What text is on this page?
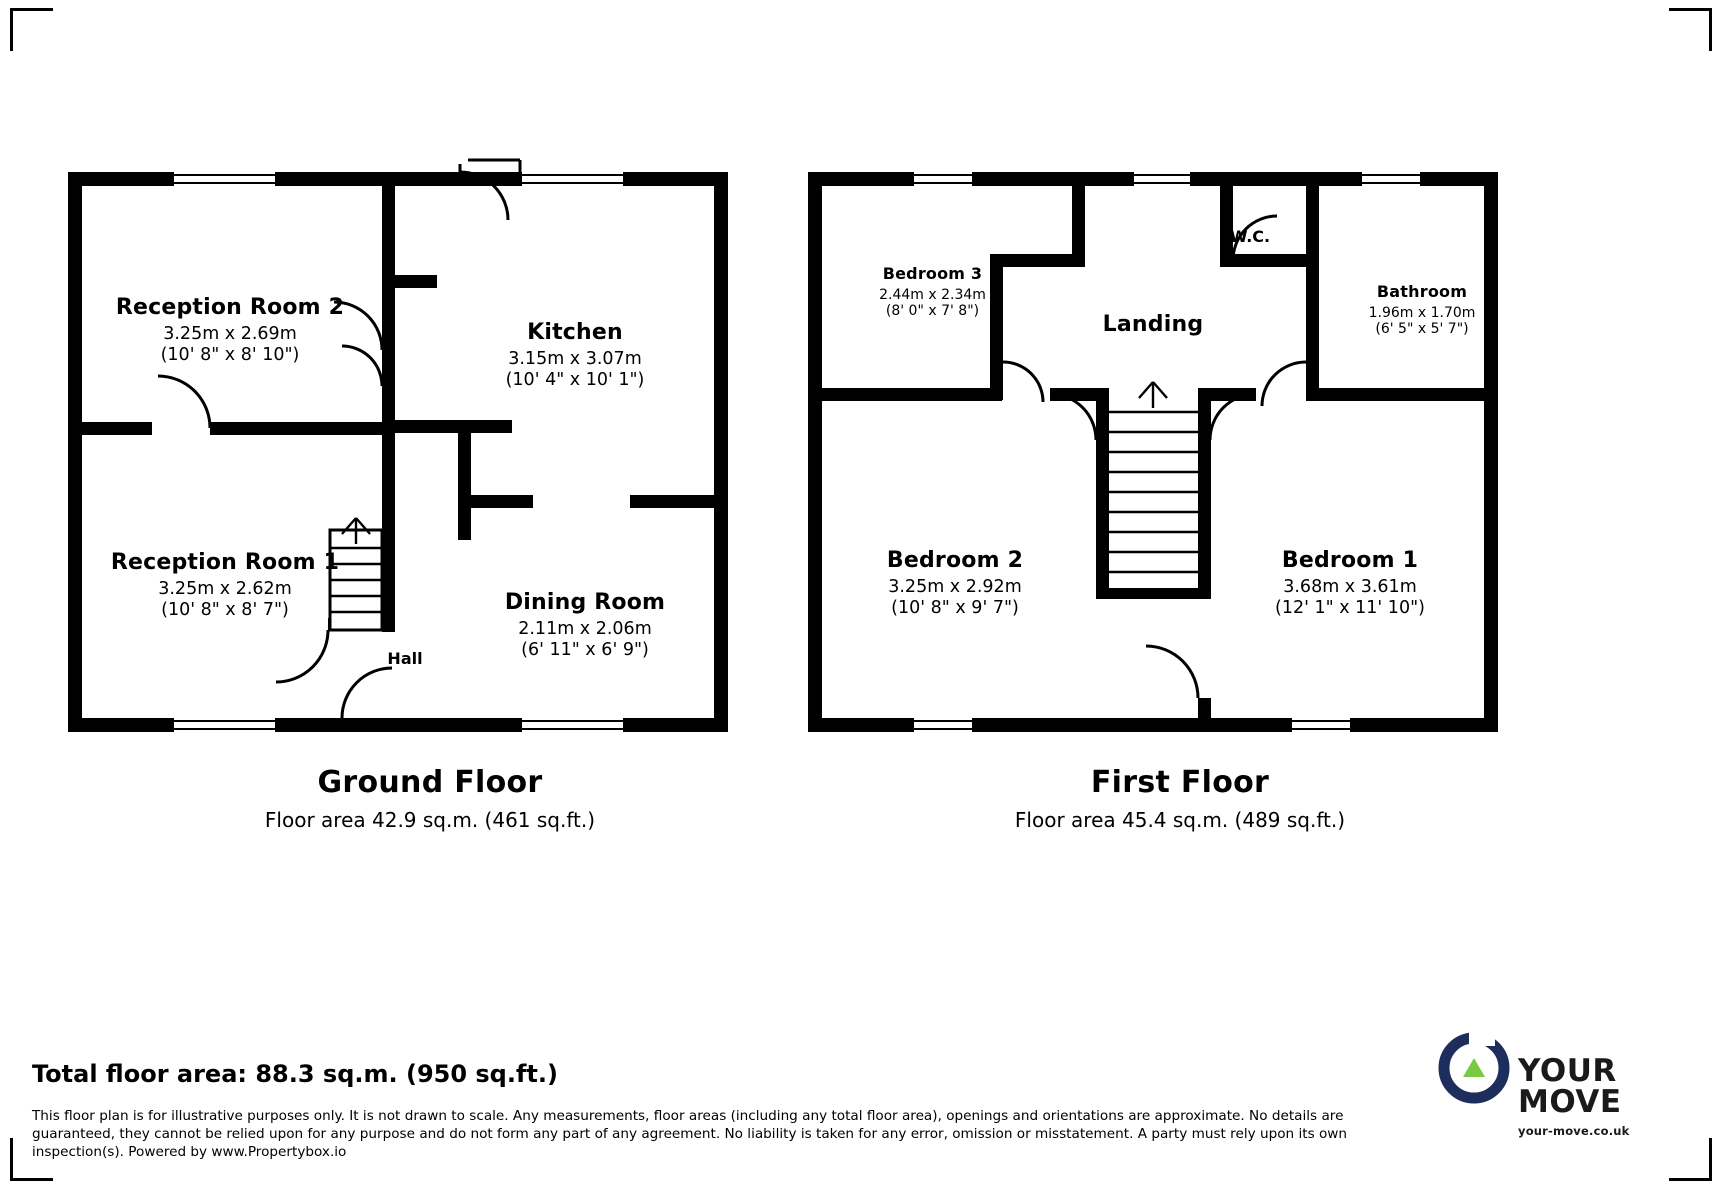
Reception Room 2
3.25m x 2.69m
(10' 8" x 8' 10")
Kitchen
3.15m x 3.07m
(10' 4" x 10' 1")
Reception Room 1
3.25m x 2.62m
(10' 8" x 8' 7")	Dining Room
2.11m x 2.06m
(6' 11" x 6' 9")
Hall
Ground Floor
Floor area 42.9 sq.m. (461 sq.ft.)
Bedroom 3
2.44m x 2.34m
(8' 0" x 7' 8")
W.C.
Bathroom
1.96m x 1.70m
(6' 5" x 5' 7")
Landing
Bedroom 2
3.25m x 2.92m
(10' 8" x 9' 7")
Bedroom 1
3.68m x 3.61m
(12' 1" x 11' 10")
First Floor
Floor area 45.4 sq.m. (489 sq.ft.)
Total floor area: 88.3 sq.m. (950 sq.ft.)
This floor plan is for illustrative purposes only. It is not drawn to scale. Any measurements, floor areas (including any total floor area), openings and orientations are approximate. No details are guaranteed, they cannot be relied upon for any purpose and do not form any part of any agreement. No liability is taken for any error, omission or misstatement. A party must rely upon its own inspection(s). Powered by www.Propertybox.io
YOUR MOVE
your-move.co.uk
